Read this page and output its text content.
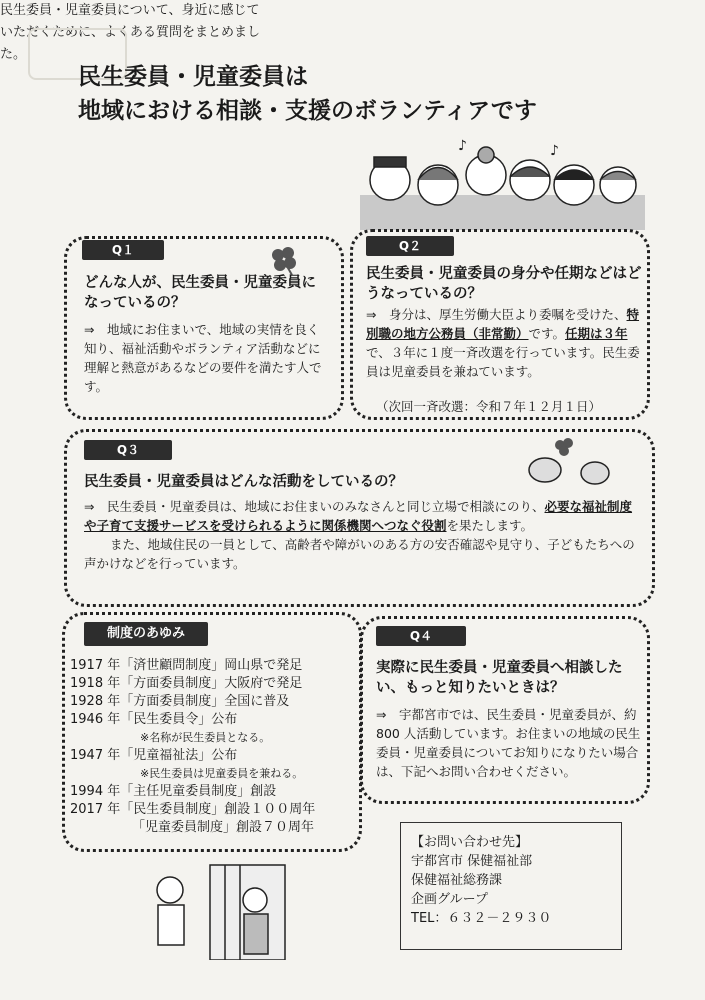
民生委員・児童委員は
地域における相談・支援のボランティアです
民生委員・児童委員について、身近に感じていただくために、よくある質問をまとめました。
♪	♪
Q１
どんな人が、民生委員・児童委員になっているの？
⇒　 地域にお住まいで、地域の実情を良く知り、福祉活動やボランティア活動などに理解と熱意があるなどの要件を満たす人です。
Q２
民生委員・児童委員の身分や任期などはどうなっているの？
⇒　 身分は、厚生労働大臣より委嘱を受けた、特別職の地方公務員（非常勤）です。任期は３年で、３年に１度一斉改選を行っています。民生委員は児童委員を兼ねています。
（次回一斉改選：令和７年１２月１日）
Q３
民生委員・児童委員はどんな活動をしているの？
⇒　 民生委員・児童委員は、地域にお住まいのみなさんと同じ立場で相談にのり、必要な福祉制度や子育て支援サービスを受けられるように関係機関へつなぐ役割を果たします。
また、地域住民の一員として、高齢者や障がいのある方の安否確認や見守り、子どもたちへの声かけなどを行っています。
制度のあゆみ
1917 年「済世顧問制度」岡山県で発足
1918 年「方面委員制度」大阪府で発足
1928 年「方面委員制度」全国に普及
1946 年「民生委員令」公布
※名称が民生委員となる。
1947 年「児童福祉法」公布
※民生委員は児童委員を兼ねる。
1994 年「主任児童委員制度」創設
2017 年「民生委員制度」創設１００周年
「児童委員制度」創設７０周年
Q４
実際に民生委員・児童委員へ相談したい、もっと知りたいときは？
⇒　 宇都宮市では、民生委員・児童委員が、約 800 人活動しています。お住まいの地域の民生委員・児童委員についてお知りになりたい場合は、下記へお問い合わせください。
【お問い合わせ先】
宇都宮市 保健福祉部
保健福祉総務課
企画グループ
TEL：６３２－２９３０
